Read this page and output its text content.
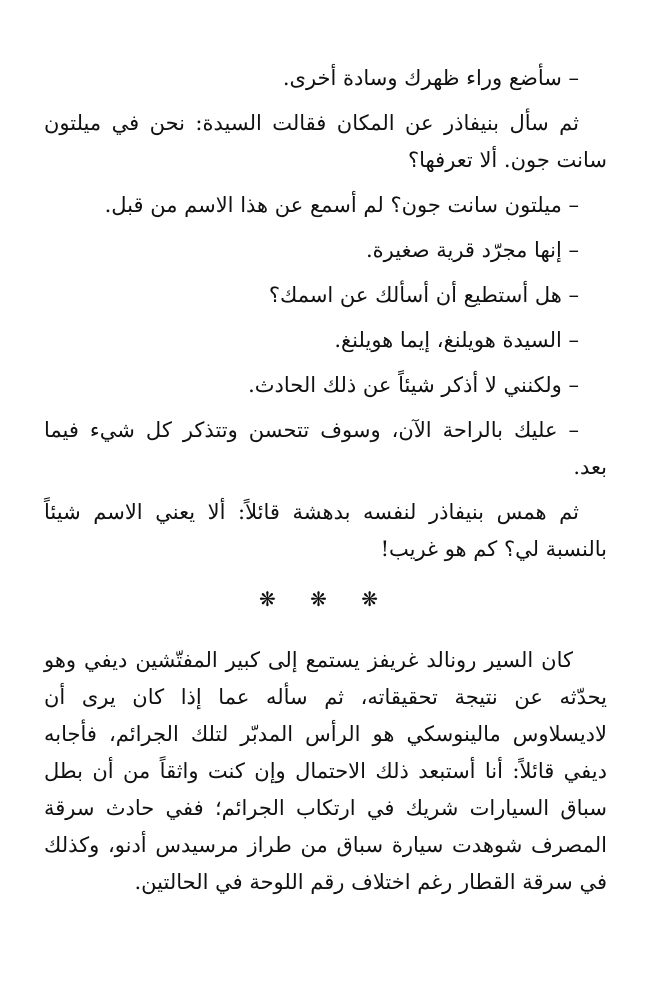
– سأضع وراء ظهرك وسادة أخرى.

ثم سأل بنيفاذر عن المكان فقالت السيدة: نحن في ميلتون سانت جون. ألا تعرفها؟

– ميلتون سانت جون؟ لم أسمع عن هذا الاسم من قبل.

– إنها مجرّد قرية صغيرة.

– هل أستطيع أن أسألك عن اسمك؟

– السيدة هويلنغ، إيما هويلنغ.

– ولكنني لا أذكر شيئاً عن ذلك الحادث.

– عليك بالراحة الآن، وسوف تتحسن وتتذكر كل شيء فيما بعد.

ثم همس بنيفاذر لنفسه بدهشة قائلاً: ألا يعني الاسم شيئاً بالنسبة لي؟ كم هو غريب!

❋ ❋ ❋

كان السير رونالد غريفز يستمع إلى كبير المفتّشين ديفي وهو يحدّثه عن نتيجة تحقيقاته، ثم سأله عما إذا كان يرى أن لاديسلاوس مالينوسكي هو الرأس المدبّر لتلك الجرائم، فأجابه ديفي قائلاً: أنا أستبعد ذلك الاحتمال وإن كنت واثقاً من أن بطل سباق السيارات شريك في ارتكاب الجرائم؛ ففي حادث سرقة المصرف شوهدت سيارة سباق من طراز مرسيدس أدنو، وكذلك في سرقة القطار رغم اختلاف رقم اللوحة في الحالتين.
